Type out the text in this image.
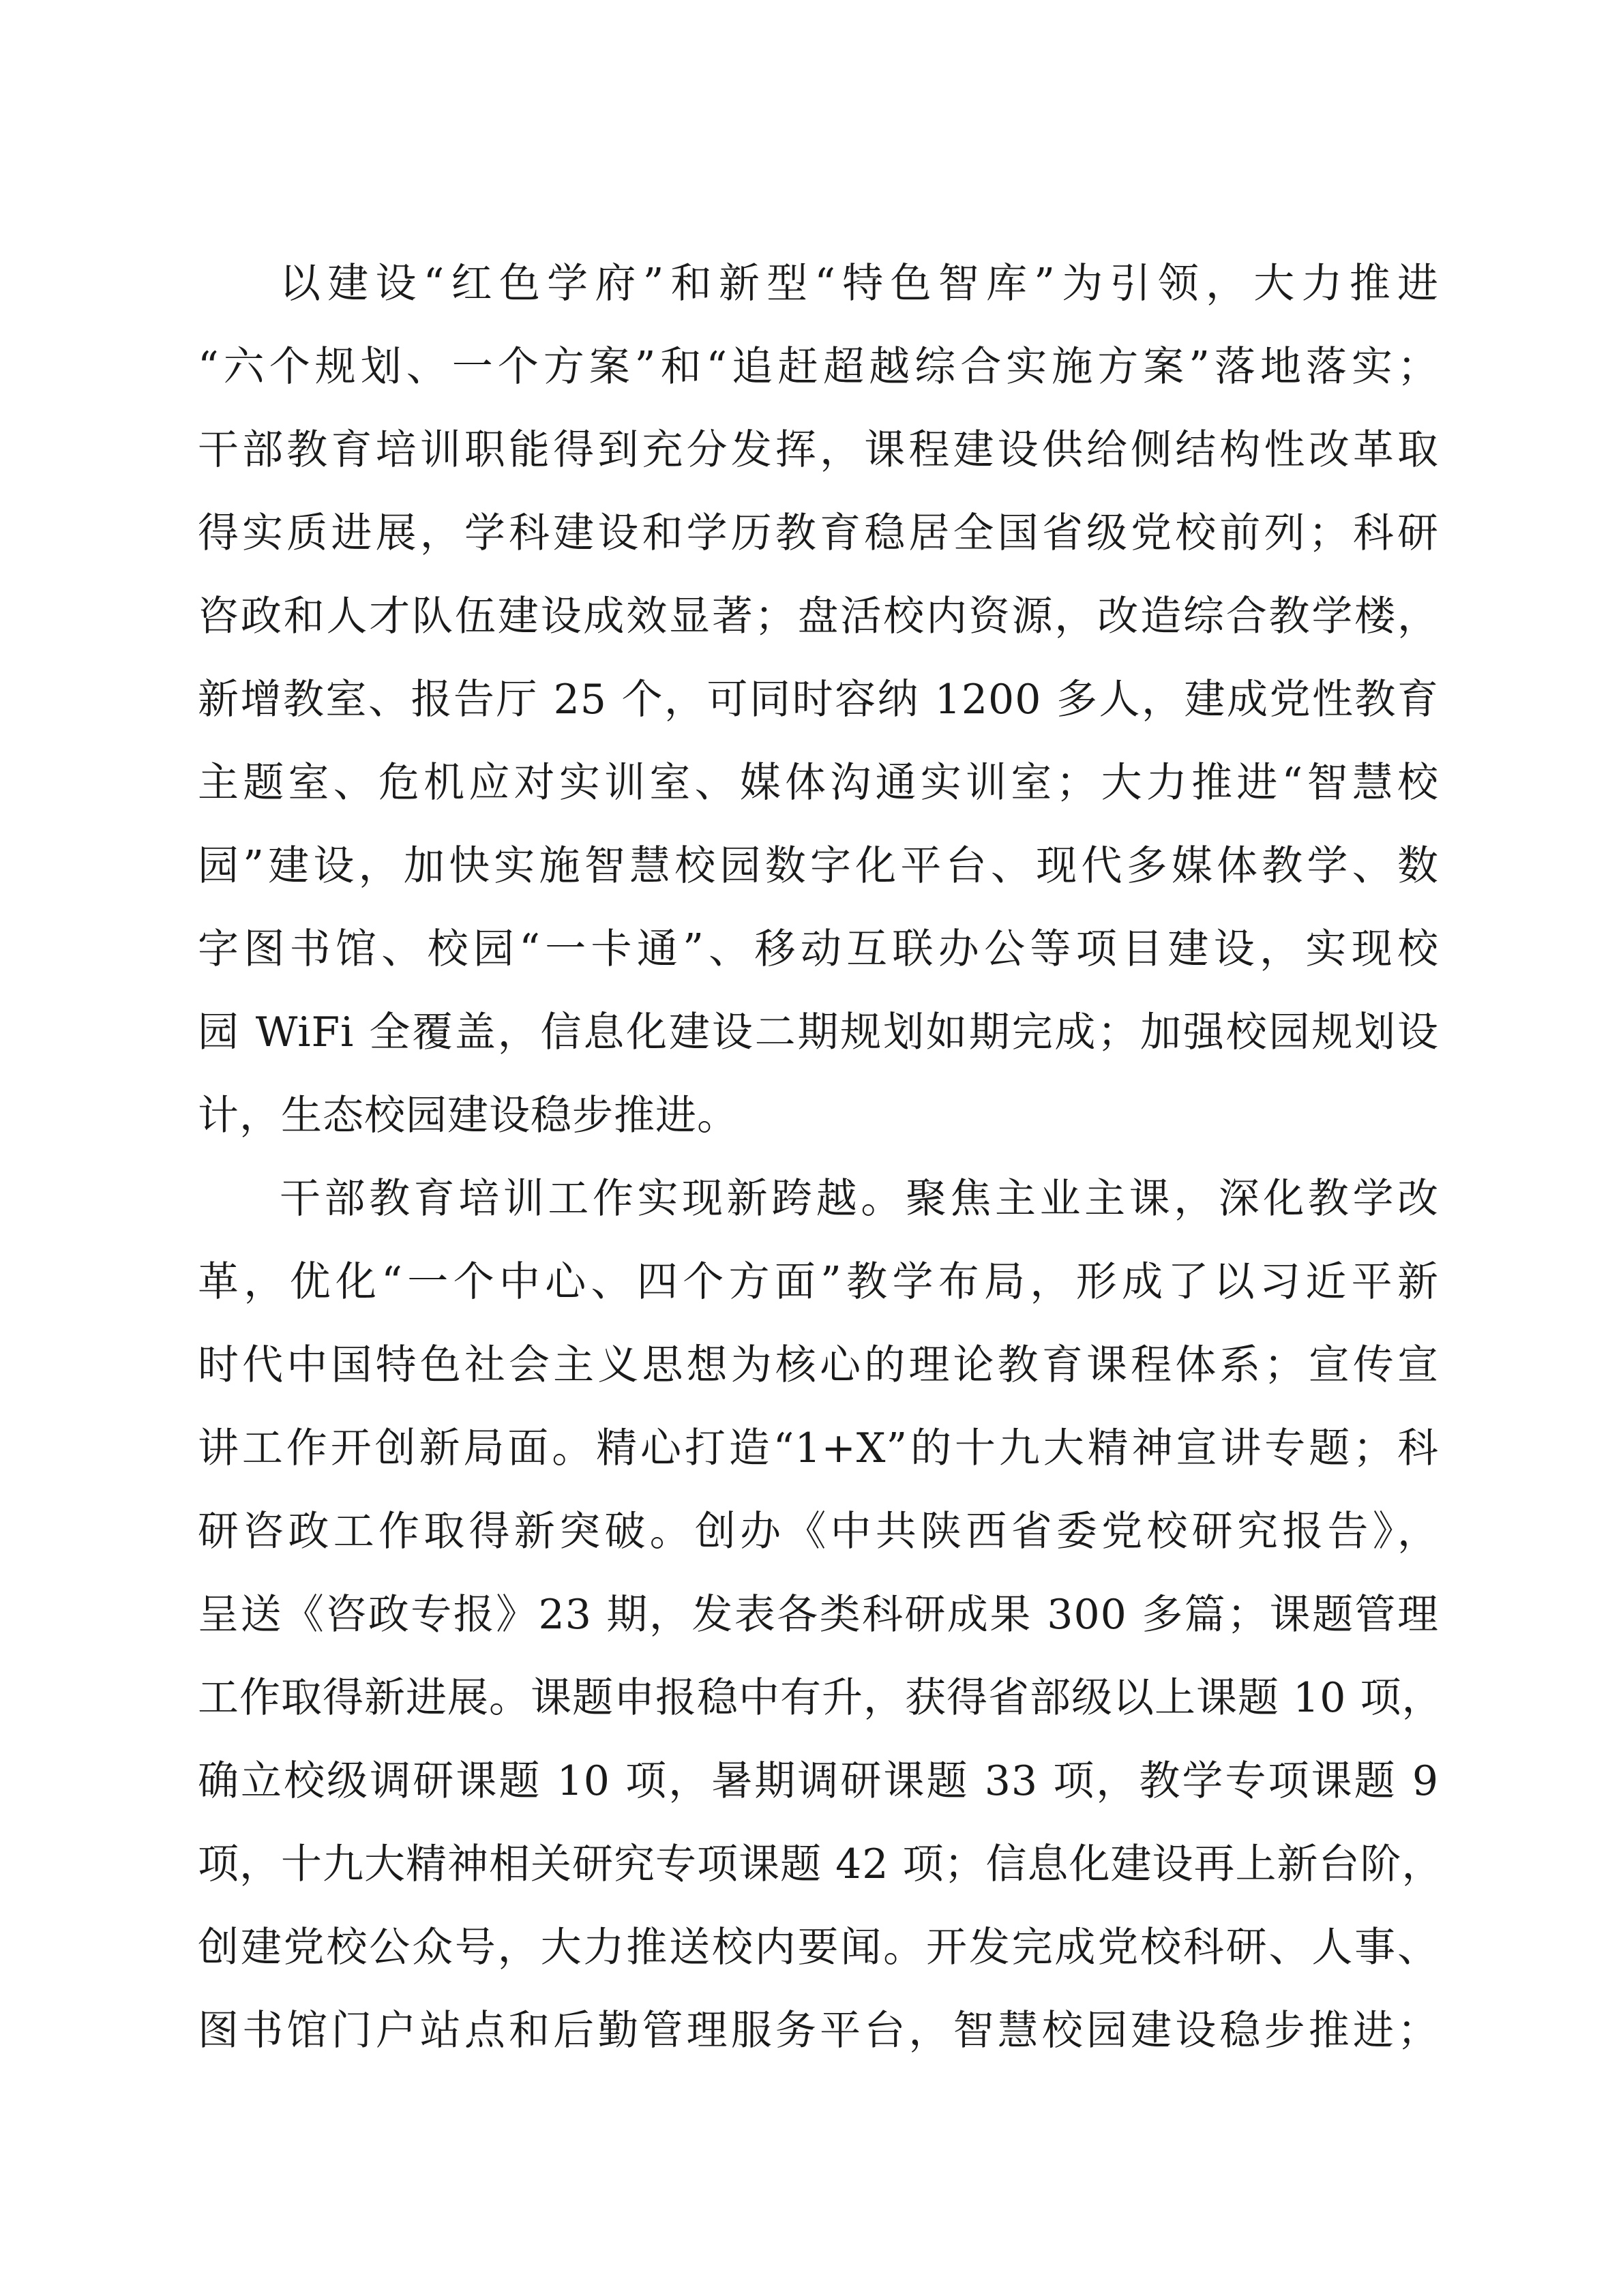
以建设“红色学府”和新型“特色智库”为引领，大力推进
“六个规划、一个方案”和“追赶超越综合实施方案”落地落实；
干部教育培训职能得到充分发挥，课程建设供给侧结构性改革取
得实质进展，学科建设和学历教育稳居全国省级党校前列；科研
咨政和人才队伍建设成效显著；盘活校内资源，改造综合教学楼，
新增教室、报告厅 25 个，可同时容纳 1200 多人，建成党性教育
主题室、危机应对实训室、媒体沟通实训室；大力推进“智慧校
园”建设，加快实施智慧校园数字化平台、现代多媒体教学、数
字图书馆、校园“一卡通”、移动互联办公等项目建设，实现校
园 WiFi 全覆盖，信息化建设二期规划如期完成；加强校园规划设
计，生态校园建设稳步推进。
干部教育培训工作实现新跨越。聚焦主业主课，深化教学改
革，优化“一个中心、四个方面”教学布局，形成了以习近平新
时代中国特色社会主义思想为核心的理论教育课程体系；宣传宣
讲工作开创新局面。精心打造“1+X”的十九大精神宣讲专题；科
研咨政工作取得新突破。创办《中共陕西省委党校研究报告》，
呈送《咨政专报》23 期，发表各类科研成果 300 多篇；课题管理
工作取得新进展。课题申报稳中有升，获得省部级以上课题 10 项，
确立校级调研课题 10 项，暑期调研课题 33 项，教学专项课题 9
项，十九大精神相关研究专项课题 42 项；信息化建设再上新台阶，
创建党校公众号，大力推送校内要闻。开发完成党校科研、人事、
图书馆门户站点和后勤管理服务平台，智慧校园建设稳步推进；
